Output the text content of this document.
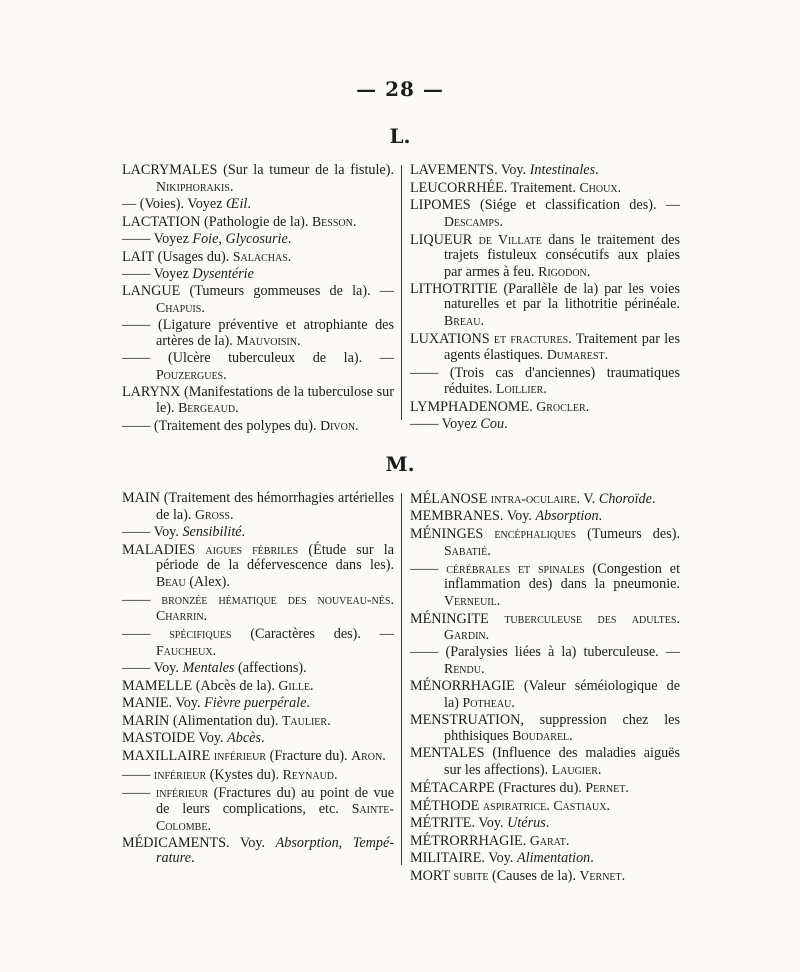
— 28 —
L.

LACRYMALES (Sur la tumeur de la fistule). Nikiphorakis.

— (Voies). Voyez Œil.

LACTATION (Pathologie de la). Besson.

—— Voyez Foie, Glycosurie.

LAIT (Usages du). Salachas.

—— Voyez Dysentérie

LANGUE (Tumeurs gommeuses de la). — Chapuis.

—— (Ligature préventive et atrophiante des artères de la). Mauvoisin.

—— (Ulcère tuberculeux de la). — Pouzergues.

LARYNX (Manifestations de la tuberculose sur le). Bergeaud.

—— (Traitement des polypes du). Divon.

LAVEMENTS. Voy. Intestinales.

LEUCORRHÉE. Traitement. Choux.

LIPOMES (Siége et classification des). — Descamps.

LIQUEUR de Villate dans le traitement des trajets fistuleux consécutifs aux plaies par armes à feu. Rigodon.

LITHOTRITIE (Parallèle de la) par les voies naturelles et par la lithotritie périnéale. Breau.

LUXATIONS et fractures. Traitement par les agents élastiques. Dumarest.

—— (Trois cas d'anciennes) traumatiques réduites. Loillier.

LYMPHADENOME. Grocler.

—— Voyez Cou.

M.

MAIN (Traitement des hémorrhagies artérielles de la). Gross.

—— Voy. Sensibilité.

MALADIES aigues fébriles (Étude sur la période de la défervescence dans les). Beau (Alex).

—— bronzée hématique des nouveau-nés. Charrin.

—— spécifiques (Caractères des). — Faucheux.

—— Voy. Mentales (affections).

MAMELLE (Abcès de la). Gille.

MANIE. Voy. Fièvre puerpérale.

MARIN (Alimentation du). Taulier.

MASTOIDE Voy. Abcès.

MAXILLAIRE inférieur (Fracture du). Aron.

—— inférieur (Kystes du). Reynaud.

—— inférieur (Fractures du) au point de vue de leurs complications, etc. Sainte-Colombe.

MÉDICAMENTS. Voy. Absorption, Température.

MÉLANOSE intra-oculaire. V. Choroïde.

MEMBRANES. Voy. Absorption.

MÉNINGES encéphaliques (Tumeurs des). Sabatié.

—— cérébrales et spinales (Congestion et inflammation des) dans la pneumonie. Verneuil.

MÉNINGITE tuberculeuse des adultes. Gardin.

—— (Paralysies liées à la) tuberculeuse. — Rendu.

MÉNORRHAGIE (Valeur séméiologique de la) Potheau.

MENSTRUATION, suppression chez les phthisiques Boudarel.

MENTALES (Influence des maladies aiguës sur les affections). Laugier.

MÉTACARPE (Fractures du). Pernet.

MÉTHODE aspiratrice. Castiaux.

MÉTRITE. Voy. Utérus.

MÉTRORRHAGIE. Garat.

MILITAIRE. Voy. Alimentation.

MORT subite (Causes de la). Vernet.
